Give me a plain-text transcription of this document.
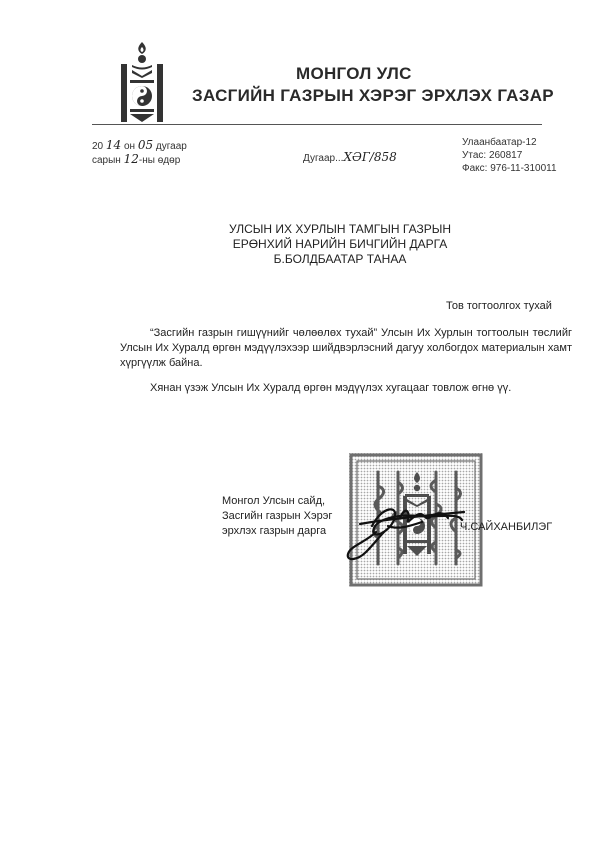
МОНГОЛ УЛС
ЗАСГИЙН ГАЗРЫН ХЭРЭГ ЭРХЛЭХ ГАЗАР
20 14 он 05 дугаар
сарын 12-ны өдөр	Дугаар...ХӘГ/858
Улаанбаатар-12
Утас: 260817
Факс: 976-11-310011
УЛСЫН ИХ ХУРЛЫН ТАМГЫН ГАЗРЫН
ЕРӨНХИЙ НАРИЙН БИЧГИЙН ДАРГА
Б.БОЛДБААТАР ТАНАА
Тов тогтоолгох тухай
“Засгийн газрын гишүүнийг чөлөөлөх тухай” Улсын Их Хурлын тогтоолын төслийг Улсын Их Хуралд өргөн мэдүүлэхээр шийдвэрлэсний дагуу холбогдох материалын хамт хүргүүлж байна.
Хянан үзэж Улсын Их Хуралд өргөн мэдүүлэх хугацааг товлож өгнө үү.
Монгол Улсын сайд,
Засгийн газрын Хэрэг
эрхлэх газрын дарга	Ч.САЙХАНБИЛЭГ
